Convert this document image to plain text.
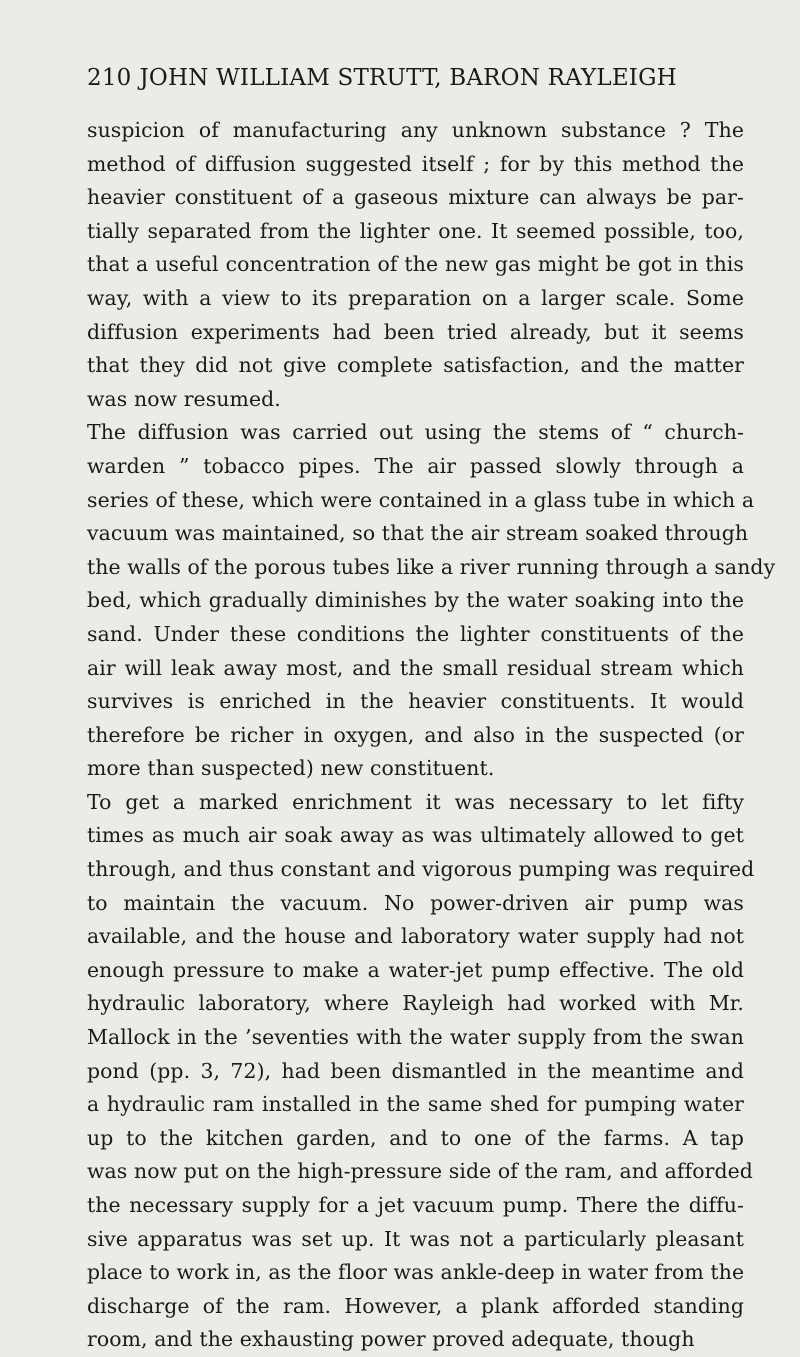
210 JOHN WILLIAM STRUTT, BARON RAYLEIGH

suspicion of manufacturing any unknown substance ? The
method of diffusion suggested itself ; for by this method the
heavier constituent of a gaseous mixture can always be par-
tially separated from the lighter one. It seemed possible, too,
that a useful concentration of the new gas might be got in this
way, with a view to its preparation on a larger scale. Some
diffusion experiments had been tried already, but it seems
that they did not give complete satisfaction, and the matter
was now resumed.

The diffusion was carried out using the stems of “ church-
warden ” tobacco pipes. The air passed slowly through a
series of these, which were contained in a glass tube in which a
vacuum was maintained, so that the air stream soaked through
the walls of the porous tubes like a river running through a sandy
bed, which gradually diminishes by the water soaking into the
sand. Under these conditions the lighter constituents of the
air will leak away most, and the small residual stream which
survives is enriched in the heavier constituents. It would
therefore be richer in oxygen, and also in the suspected (or
more than suspected) new constituent.

To get a marked enrichment it was necessary to let fifty
times as much air soak away as was ultimately allowed to get
through, and thus constant and vigorous pumping was required
to maintain the vacuum. No power-driven air pump was
available, and the house and laboratory water supply had not
enough pressure to make a water-jet pump effective. The old
hydraulic laboratory, where Rayleigh had worked with Mr.
Mallock in the ’seventies with the water supply from the swan
pond (pp. 3, 72), had been dismantled in the meantime and
a hydraulic ram installed in the same shed for pumping water
up to the kitchen garden, and to one of the farms. A tap
was now put on the high-pressure side of the ram, and afforded
the necessary supply for a jet vacuum pump. There the diffu-
sive apparatus was set up. It was not a particularly pleasant
place to work in, as the floor was ankle-deep in water from the
discharge of the ram. However, a plank afforded standing
room, and the exhausting power proved adequate, though
